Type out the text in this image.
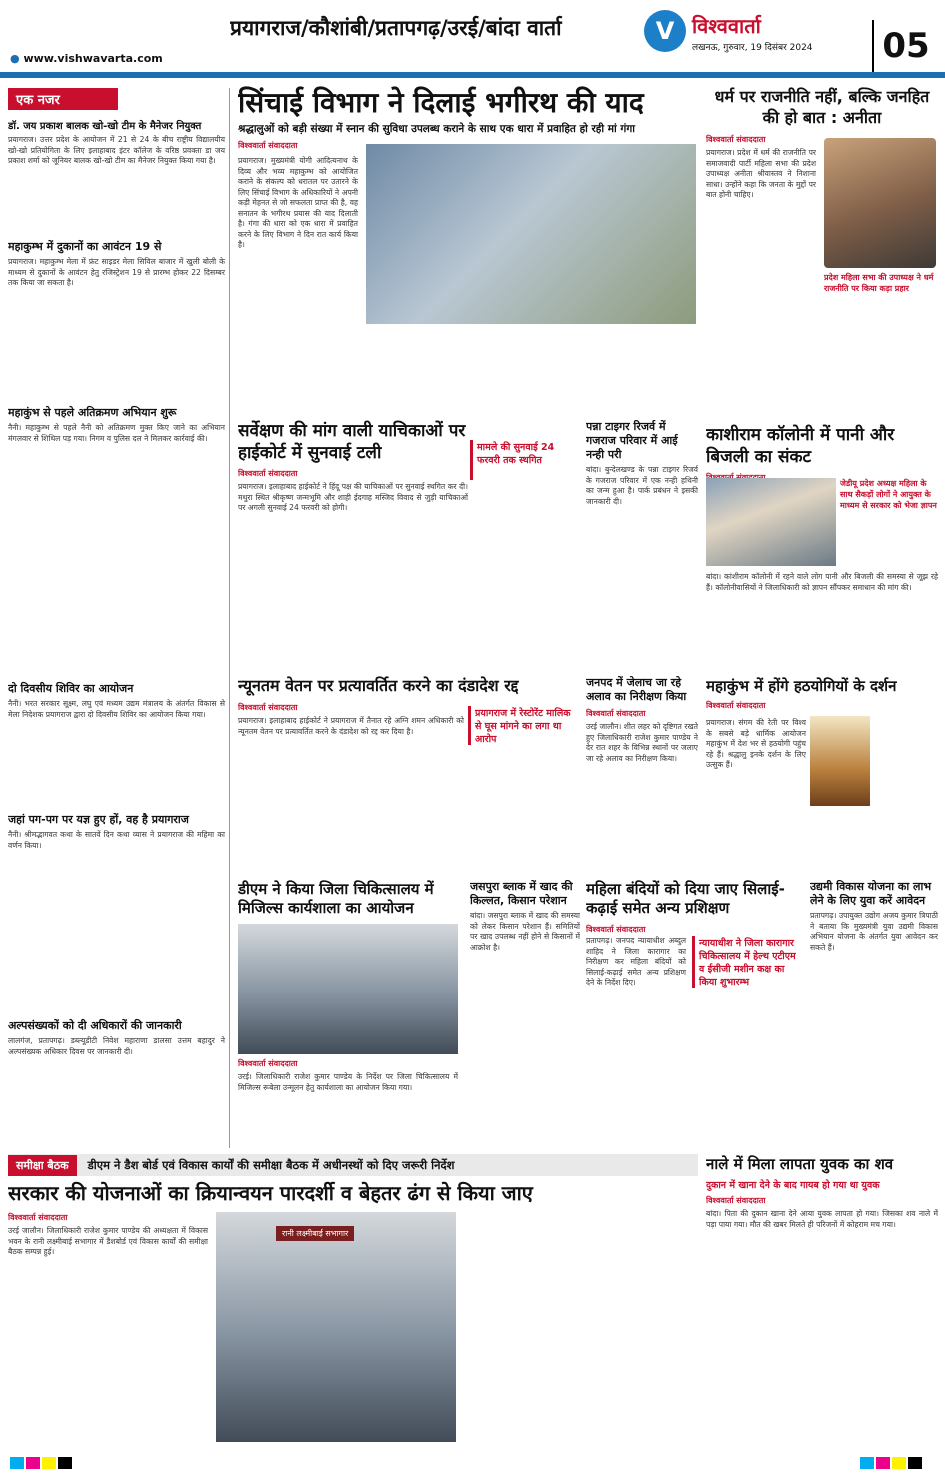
● www.vishwavarta.com
प्रयागराज/कौशांबी/प्रतापगढ़/उरई/बांदा वार्ता	V विश्ववार्ता
लखनऊ, गुरुवार, 19 दिसंबर 2024	05
एक नजर
डॉ. जय प्रकाश बालक खो-खो टीम के मैनेजर नियुक्त
प्रयागराज। उत्तर प्रदेश के आयोजन में 21 से 24 के बीच राष्ट्रीय विद्यालयीय खो-खो प्रतियोगिता के लिए इलाहाबाद इंटर कॉलेज के वरिष्ठ प्रवक्ता डा जय प्रकाश शर्मा को जूनियर बालक खो-खो टीम का मैनेजर नियुक्त किया गया है।
महाकुम्भ में दुकानों का आवंटन 19 से
प्रयागराज। महाकुम्भ मेला में फ्रंट साइडर मेला सिविल बाजार में खुली बोली के माध्यम से दुकानों के आवंटन हेतु रजिस्ट्रेशन 19 से प्रारम्भ होकर 22 दिसम्बर तक किया जा सकता है।
महाकुंभ से पहले अतिक्रमण अभियान शुरू
नैनी। महाकुम्भ से पहले नैनी को अतिक्रमण मुक्त किए जाने का अभियान मंगलवार से शिथिल पड़ गया। निगम व पुलिस दल ने मिलकर कार्रवाई की।
दो दिवसीय शिविर का आयोजन
नैनी। भरत सरकार सूक्ष्म, लघु एवं मध्यम उद्यम मंत्रालय के अंतर्गत विकास से मेला निदेशक प्रयागराज द्वारा दो दिवसीय शिविर का आयोजन किया गया।
जहां पग-पग पर यज्ञ हुए हों, वह है प्रयागराज
नैनी। श्रीमद्भागवत कथा के सातवें दिन कथा व्यास ने प्रयागराज की महिमा का वर्णन किया।
अल्पसंख्यकों को दी अधिकारों की जानकारी
लालगंज, प्रतापगढ़। डब्ल्यूडीटी निवेश महाराणा डालसा उत्तम बहादुर ने अल्पसंख्यक अधिकार दिवस पर जानकारी दी।
सिंचाई विभाग ने दिलाई भगीरथ की याद
श्रद्धालुओं को बड़ी संख्या में स्नान की सुविधा उपलब्ध कराने के साथ एक धारा में प्रवाहित हो रही मां गंगा
विश्ववार्ता संवाददाता
प्रयागराज। मुख्यमंत्री योगी आदित्यनाथ के दिव्य और भव्य महाकुम्भ को आयोजित कराने के संकल्प को धरातल पर उतारने के लिए सिंचाई विभाग के अधिकारियों ने अपनी कड़ी मेहनत से जो सफलता प्राप्त की है, वह सनातन के भगीरथ प्रयास की याद दिलाती है। गंगा की धारा को एक धारा में प्रवाहित करने के लिए विभाग ने दिन रात कार्य किया है।
धर्म पर राजनीति नहीं, बल्कि जनहित की हो बात : अनीता
विश्ववार्ता संवाददाता
प्रयागराज। प्रदेश में धर्म की राजनीति पर समाजवादी पार्टी महिला सभा की प्रदेश उपाध्यक्ष अनीता श्रीवास्तव ने निशाना साधा। उन्होंने कहा कि जनता के मुद्दों पर बात होनी चाहिए।
प्रदेश महिला सभा की उपाध्यक्ष ने धर्म राजनीति पर किया कड़ा प्रहार
सर्वेक्षण की मांग वाली याचिकाओं पर हाईकोर्ट में सुनवाई टली
विश्ववार्ता संवाददाता
प्रयागराज। इलाहाबाद हाईकोर्ट ने हिंदू पक्ष की याचिकाओं पर सुनवाई स्थगित कर दी। मथुरा स्थित श्रीकृष्ण जन्मभूमि और शाही ईदगाह मस्जिद विवाद से जुड़ी याचिकाओं पर अगली सुनवाई 24 फरवरी को होगी।
मामले की सुनवाई 24 फरवरी तक स्थगित
पन्ना टाइगर रिजर्व में गजराज परिवार में आई नन्ही परी
बांदा। बुन्देलखण्ड के पन्ना टाइगर रिजर्व के गजराज परिवार में एक नन्ही हथिनी का जन्म हुआ है। पार्क प्रबंधन ने इसकी जानकारी दी।
काशीराम कॉलोनी में पानी और बिजली का संकट
जेडीयू प्रदेश अध्यक्ष महिला के साथ सैकड़ों लोगों ने आयुक्त के माध्यम से सरकार को भेजा ज्ञापन
बांदा। कांशीराम कॉलोनी में रहने वाले लोग पानी और बिजली की समस्या से जूझ रहे हैं। कॉलोनीवासियों ने जिलाधिकारी को ज्ञापन सौंपकर समाधान की मांग की।
न्यूनतम वेतन पर प्रत्यावर्तित करने का दंडादेश रद्द
विश्ववार्ता संवाददाता
प्रयागराज में रेस्टोरेंट मालिक से घूस मांगने का लगा था आरोप
प्रयागराज। इलाहाबाद हाईकोर्ट ने प्रयागराज में तैनात रहे अग्नि शमन अधिकारी को न्यूनतम वेतन पर प्रत्यावर्तित करने के दंडादेश को रद्द कर दिया है।
जनपद में जेलाच जा रहे अलाव का निरीक्षण किया
विश्ववार्ता संवाददाता
उरई जालौन। शीत लहर को दृष्टिगत रखते हुए जिलाधिकारी राजेश कुमार पाण्डेय ने देर रात शहर के विभिन्न स्थानों पर जलाए जा रहे अलाव का निरीक्षण किया।
महाकुंभ में होंगे हठयोगियों के दर्शन
विश्ववार्ता संवाददाता
प्रयागराज। संगम की रेती पर विश्व के सबसे बड़े धार्मिक आयोजन महाकुंभ में देश भर से हठयोगी पहुंच रहे हैं। श्रद्धालु इनके दर्शन के लिए उत्सुक हैं।
डीएम ने किया जिला चिकित्सालय में मिजिल्स कार्यशाला का आयोजन
विश्ववार्ता संवाददाता
उरई। जिलाधिकारी राजेश कुमार पाण्डेय के निर्देश पर जिला चिकित्सालय में मिजिल्स रूबेला उन्मूलन हेतु कार्यशाला का आयोजन किया गया।
जसपुरा ब्लाक में खाद की किल्लत, किसान परेशान
बांदा। जसपुरा ब्लाक में खाद की समस्या को लेकर किसान परेशान हैं। समितियों पर खाद उपलब्ध नहीं होने से किसानों में आक्रोश है।
महिला बंदियों को दिया जाए सिलाई-कढ़ाई समेत अन्य प्रशिक्षण
विश्ववार्ता संवाददाता
प्रतापगढ़। जनपद न्यायाधीश अब्दुल शाहिद ने जिला कारागार का निरीक्षण कर महिला बंदियों को सिलाई-कढ़ाई समेत अन्य प्रशिक्षण देने के निर्देश दिए।
न्यायाधीश ने जिला कारागार चिकित्सालय में हेल्थ एटीएम व ईसीजी मशीन कक्ष का किया शुभारम्भ
उद्यमी विकास योजना का लाभ लेने के लिए युवा करें आवेदन
प्रतापगढ़। उपायुक्त उद्योग अजय कुमार त्रिपाठी ने बताया कि मुख्यमंत्री युवा उद्यमी विकास अभियान योजना के अंतर्गत युवा आवेदन कर सकते हैं।
समीक्षा बैठक डीएम ने डैश बोर्ड एवं विकास कार्यों की समीक्षा बैठक में अधीनस्थों को दिए जरूरी निर्देश
सरकार की योजनाओं का क्रियान्वयन पारदर्शी व बेहतर ढंग से किया जाए
विश्ववार्ता संवाददाता
उरई जालौन। जिलाधिकारी राजेश कुमार पाण्डेय की अध्यक्षता में विकास भवन के रानी लक्ष्मीबाई सभागार में डैशबोर्ड एवं विकास कार्यों की समीक्षा बैठक सम्पन्न हुई।
रानी लक्ष्मीबाई सभागार
नाले में मिला लापता युवक का शव
दुकान में खाना देने के बाद गायब हो गया था युवक
विश्ववार्ता संवाददाता
बांदा। पिता की दुकान खाना देने आया युवक लापता हो गया। जिसका शव नाले में पड़ा पाया गया। मौत की खबर मिलते ही परिजनों में कोहराम मच गया।
